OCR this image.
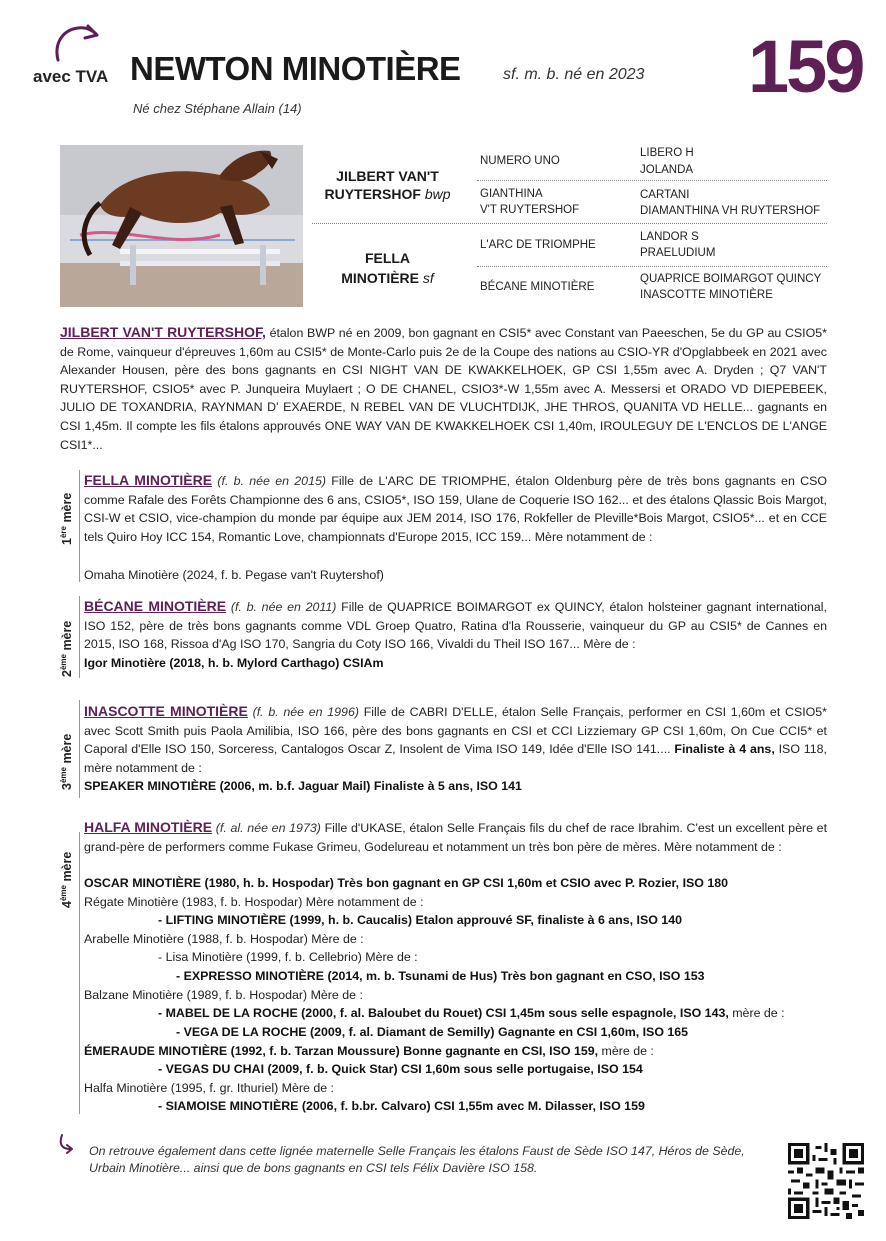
avec TVA NEWTON MINOTIÈRE	sf. m. b. né en 2023
Né chez Stéphane Allain (14)
159
JILBERT VAN'T
RUYTERSHOF bwp
FELLA
MINOTIÈRE sf
NUMERO UNO
GIANTHINA
V'T RUYTERSHOF
L'ARC DE TRIOMPHE
BÉCANE MINOTIÈRE
LIBERO H
JOLANDA
CARTANI
DIAMANTHINA VH RUYTERSHOF
LANDOR S
PRAELUDIUM
QUAPRICE BOIMARGOT QUINCY
INASCOTTE MINOTIÈRE
JILBERT VAN'T RUYTERSHOF, étalon BWP né en 2009, bon gagnant en CSI5* avec Constant van Paeeschen, 5e du GP au CSIO5* de Rome, vainqueur d'épreuves 1,60m au CSI5* de Monte-Carlo puis 2e de la Coupe des nations au CSIO-YR d'Opglabbeek en 2021 avec Alexander Housen, père des bons gagnants en CSI NIGHT VAN DE KWAKKELHOEK, GP CSI 1,55m avec A. Dryden ; Q7 VAN'T RUYTERSHOF, CSIO5* avec P. Junqueira Muylaert ; O DE CHANEL, CSIO3*-W 1,55m avec A. Messersi et ORADO VD DIEPEBEEK, JULIO DE TOXANDRIA, RAYNMAN D' EXAERDE, N REBEL VAN DE VLUCHTDIJK, JHE THROS, QUANITA VD HELLE... gagnants en CSI 1,45m. Il compte les fils étalons approuvés ONE WAY VAN DE KWAKKELHOEK CSI 1,40m, IROULEGUY DE L'ENCLOS DE L'ANGE CSI1*...
1ère mère
FELLA MINOTIÈRE (f. b. née en 2015) Fille de L'ARC DE TRIOMPHE, étalon Oldenburg père de très bons gagnants en CSO comme Rafale des Forêts Championne des 6 ans, CSIO5*, ISO 159, Ulane de Coquerie ISO 162... et des étalons Qlassic Bois Margot, CSI-W et CSIO, vice-champion du monde par équipe aux JEM 2014, ISO 176, Rokfeller de Pleville*Bois Margot, CSIO5*... et en CCE tels Quiro Hoy ICC 154, Romantic Love, championnats d'Europe 2015, ICC 159... Mère notamment de :
Omaha Minotière (2024, f. b. Pegase van't Ruytershof)
2ème mère
BÉCANE MINOTIÈRE (f. b. née en 2011) Fille de QUAPRICE BOIMARGOT ex QUINCY, étalon holsteiner gagnant international, ISO 152, père de très bons gagnants comme VDL Groep Quatro, Ratina d'la Rousserie, vainqueur du GP au CSI5* de Cannes en 2015, ISO 168, Rissoa d'Ag ISO 170, Sangria du Coty ISO 166, Vivaldi du Theil ISO 167... Mère de :
Igor Minotière (2018, h. b. Mylord Carthago) CSIAm
3ème mère
INASCOTTE MINOTIÈRE (f. b. née en 1996) Fille de CABRI D'ELLE, étalon Selle Français, performer en CSI 1,60m et CSIO5* avec Scott Smith puis Paola Amilibia, ISO 166, père des bons gagnants en CSI et CCI Lizziemary GP CSI 1,60m, On Cue CCI5* et Caporal d'Elle ISO 150, Sorceress, Cantalogos Oscar Z, Insolent de Vima ISO 149, Idée d'Elle ISO 141.... Finaliste à 4 ans, ISO 118, mère notamment de :
SPEAKER MINOTIÈRE (2006, m. b.f. Jaguar Mail) Finaliste à 5 ans, ISO 141
4ème mère
HALFA MINOTIÈRE (f. al. née en 1973) Fille d'UKASE, étalon Selle Français fils du chef de race Ibrahim. C'est un excellent père et grand-père de performers comme Fukase Grimeu, Godelureau et notamment un très bon père de mères. Mère notamment de :
OSCAR MINOTIÈRE (1980, h. b. Hospodar) Très bon gagnant en GP CSI 1,60m et CSIO avec P. Rozier, ISO 180
Régate Minotière (1983, f. b. Hospodar) Mère notamment de :
- LIFTING MINOTIÈRE (1999, h. b. Caucalis) Etalon approuvé SF, finaliste à 6 ans, ISO 140
Arabelle Minotière (1988, f. b. Hospodar) Mère de :
- Lisa Minotière (1999, f. b. Cellebrio) Mère de :
- EXPRESSO MINOTIÈRE (2014, m. b. Tsunami de Hus) Très bon gagnant en CSO, ISO 153
Balzane Minotière (1989, f. b. Hospodar) Mère de :
- MABEL DE LA ROCHE (2000, f. al. Baloubet du Rouet) CSI 1,45m sous selle espagnole, ISO 143, mère de :
- VEGA DE LA ROCHE (2009, f. al. Diamant de Semilly) Gagnante en CSI 1,60m, ISO 165
ÉMERAUDE MINOTIÈRE (1992, f. b. Tarzan Moussure) Bonne gagnante en CSI, ISO 159, mère de :
- VEGAS DU CHAI (2009, f. b. Quick Star) CSI 1,60m sous selle portugaise, ISO 154
Halfa Minotière (1995, f. gr. Ithuriel) Mère de :
- SIAMOISE MINOTIÈRE (2006, f. b.br. Calvaro) CSI 1,55m avec M. Dilasser, ISO 159
On retrouve également dans cette lignée maternelle Selle Français les étalons Faust de Sède ISO 147, Héros de Sède, Urbain Minotière... ainsi que de bons gagnants en CSI tels Félix Davière ISO 158.
